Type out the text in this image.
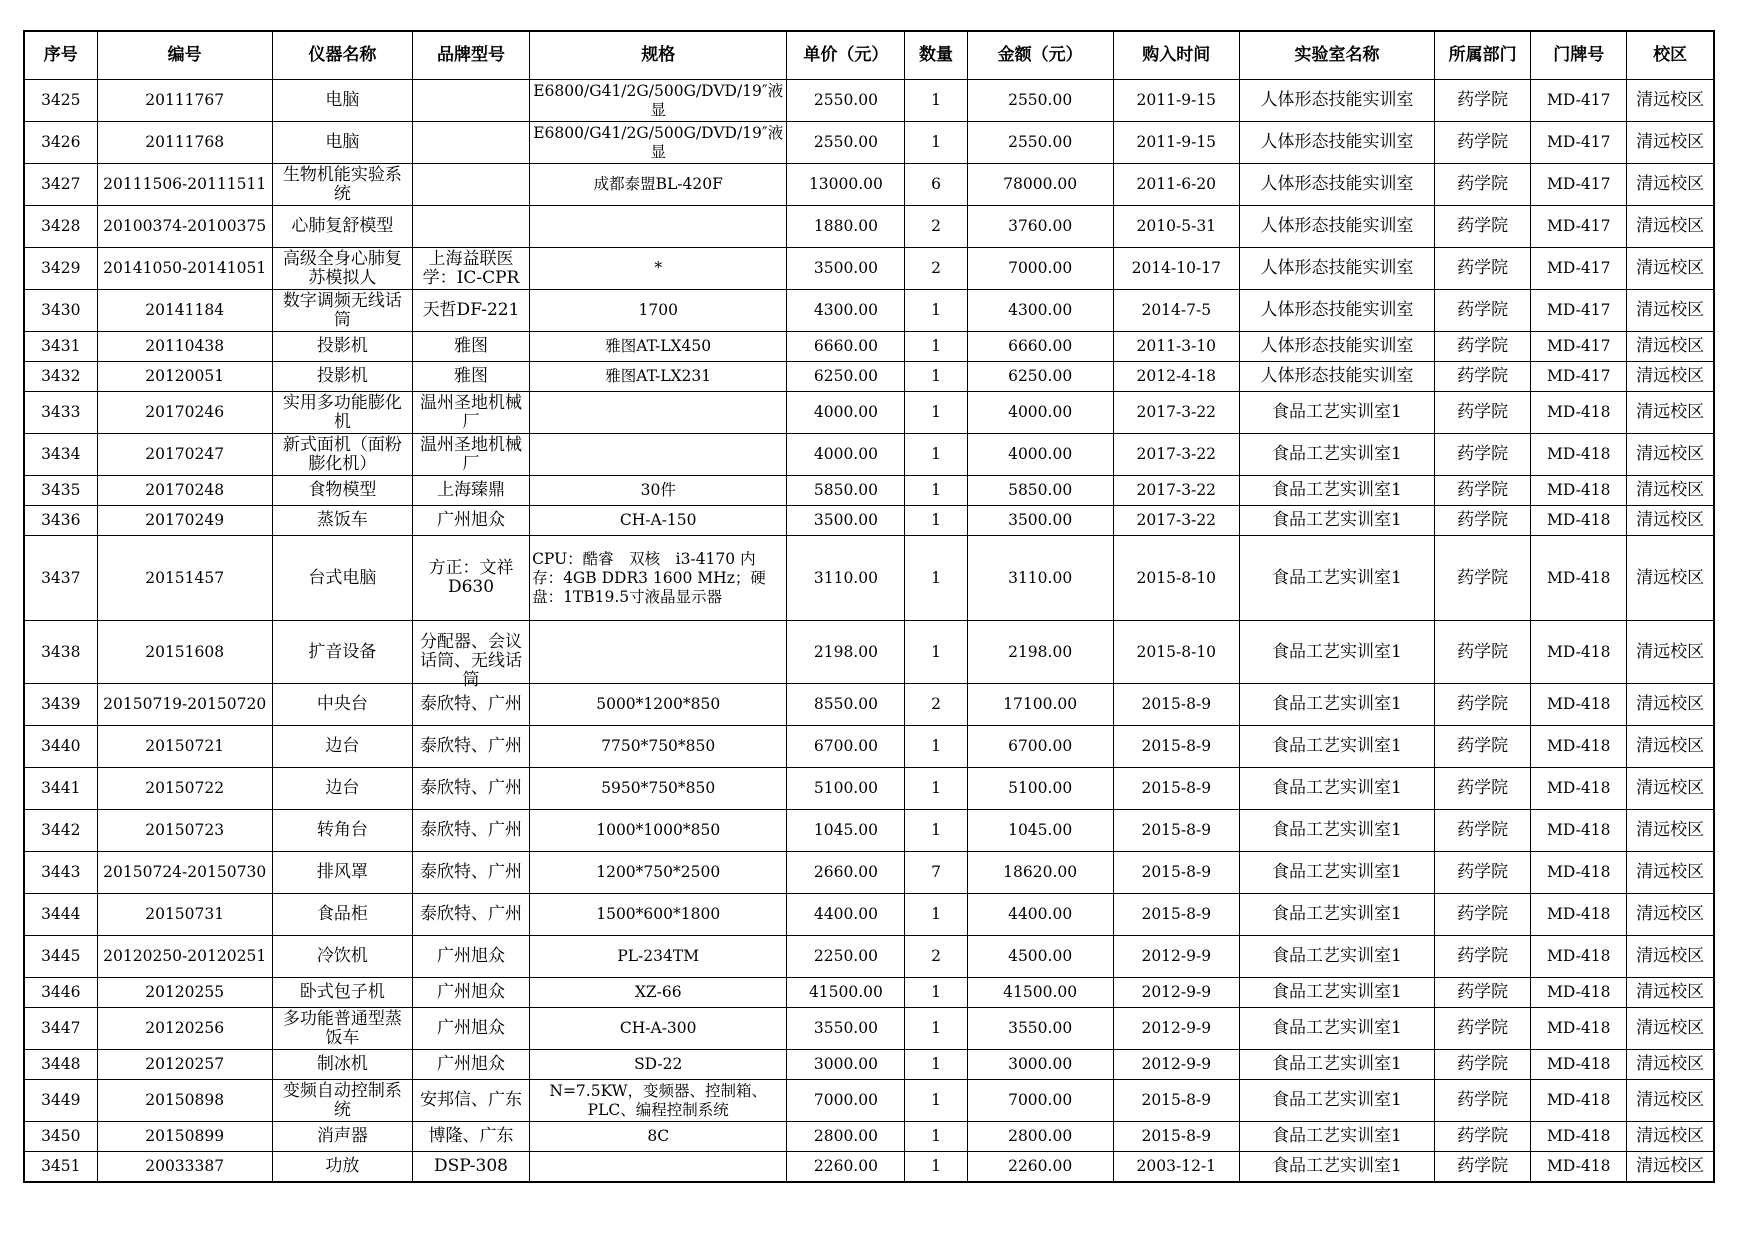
序号	编号	仪器名称	品牌型号	规格	单价（元）	数量	金额（元）	购入时间	实验室名称	所属部门	门牌号	校区

3425	20111767	电脑		E6800/G41/2G/500G/DVD/19″液显	2550.00	1	2550.00	2011-9-15	人体形态技能实训室	药学院	MD-417	清远校区

3426	20111768	电脑		E6800/G41/2G/500G/DVD/19″液显	2550.00	1	2550.00	2011-9-15	人体形态技能实训室	药学院	MD-417	清远校区

3427	20111506-20111511	生物机能实验系统		成都泰盟BL-420F	13000.00	6	78000.00	2011-6-20	人体形态技能实训室	药学院	MD-417	清远校区

3428	20100374-20100375	心肺复舒模型			1880.00	2	3760.00	2010-5-31	人体形态技能实训室	药学院	MD-417	清远校区

3429	20141050-20141051	高级全身心肺复苏模拟人	上海益联医学：IC-CPR	*	3500.00	2	7000.00	2014-10-17	人体形态技能实训室	药学院	MD-417	清远校区

3430	20141184	数字调频无线话筒	天哲DF-221	1700	4300.00	1	4300.00	2014-7-5	人体形态技能实训室	药学院	MD-417	清远校区

3431	20110438	投影机	雅图	雅图AT-LX450	6660.00	1	6660.00	2011-3-10	人体形态技能实训室	药学院	MD-417	清远校区

3432	20120051	投影机	雅图	雅图AT-LX231	6250.00	1	6250.00	2012-4-18	人体形态技能实训室	药学院	MD-417	清远校区

3433	20170246	实用多功能膨化机	温州圣地机械厂		4000.00	1	4000.00	2017-3-22	食品工艺实训室1	药学院	MD-418	清远校区

3434	20170247	新式面机（面粉膨化机）	温州圣地机械厂		4000.00	1	4000.00	2017-3-22	食品工艺实训室1	药学院	MD-418	清远校区

3435	20170248	食物模型	上海臻鼎	30件	5850.00	1	5850.00	2017-3-22	食品工艺实训室1	药学院	MD-418	清远校区

3436	20170249	蒸饭车	广州旭众	CH-A-150	3500.00	1	3500.00	2017-3-22	食品工艺实训室1	药学院	MD-418	清远校区

3437	20151457	台式电脑	方正：文祥D630	CPU：酷睿　双核　i3-4170 内存：4GB DDR3 1600 MHz；硬盘：1TB19.5寸液晶显示器	3110.00	1	3110.00	2015-8-10	食品工艺实训室1	药学院	MD-418	清远校区

3438	20151608	扩音设备	分配器、会议话筒、无线话筒		2198.00	1	2198.00	2015-8-10	食品工艺实训室1	药学院	MD-418	清远校区

3439	20150719-20150720	中央台	泰欣特、广州	5000*1200*850	8550.00	2	17100.00	2015-8-9	食品工艺实训室1	药学院	MD-418	清远校区

3440	20150721	边台	泰欣特、广州	7750*750*850	6700.00	1	6700.00	2015-8-9	食品工艺实训室1	药学院	MD-418	清远校区

3441	20150722	边台	泰欣特、广州	5950*750*850	5100.00	1	5100.00	2015-8-9	食品工艺实训室1	药学院	MD-418	清远校区

3442	20150723	转角台	泰欣特、广州	1000*1000*850	1045.00	1	1045.00	2015-8-9	食品工艺实训室1	药学院	MD-418	清远校区

3443	20150724-20150730	排风罩	泰欣特、广州	1200*750*2500	2660.00	7	18620.00	2015-8-9	食品工艺实训室1	药学院	MD-418	清远校区

3444	20150731	食品柜	泰欣特、广州	1500*600*1800	4400.00	1	4400.00	2015-8-9	食品工艺实训室1	药学院	MD-418	清远校区

3445	20120250-20120251	冷饮机	广州旭众	PL-234TM	2250.00	2	4500.00	2012-9-9	食品工艺实训室1	药学院	MD-418	清远校区

3446	20120255	卧式包子机	广州旭众	XZ-66	41500.00	1	41500.00	2012-9-9	食品工艺实训室1	药学院	MD-418	清远校区

3447	20120256	多功能普通型蒸饭车	广州旭众	CH-A-300	3550.00	1	3550.00	2012-9-9	食品工艺实训室1	药学院	MD-418	清远校区

3448	20120257	制冰机	广州旭众	SD-22	3000.00	1	3000.00	2012-9-9	食品工艺实训室1	药学院	MD-418	清远校区

3449	20150898	变频自动控制系统	安邦信、广东	N=7.5KW，变频器、控制箱、PLC、编程控制系统	7000.00	1	7000.00	2015-8-9	食品工艺实训室1	药学院	MD-418	清远校区

3450	20150899	消声器	博隆、广东	8C	2800.00	1	2800.00	2015-8-9	食品工艺实训室1	药学院	MD-418	清远校区

3451	20033387	功放	DSP-308		2260.00	1	2260.00	2003-12-1	食品工艺实训室1	药学院	MD-418	清远校区
